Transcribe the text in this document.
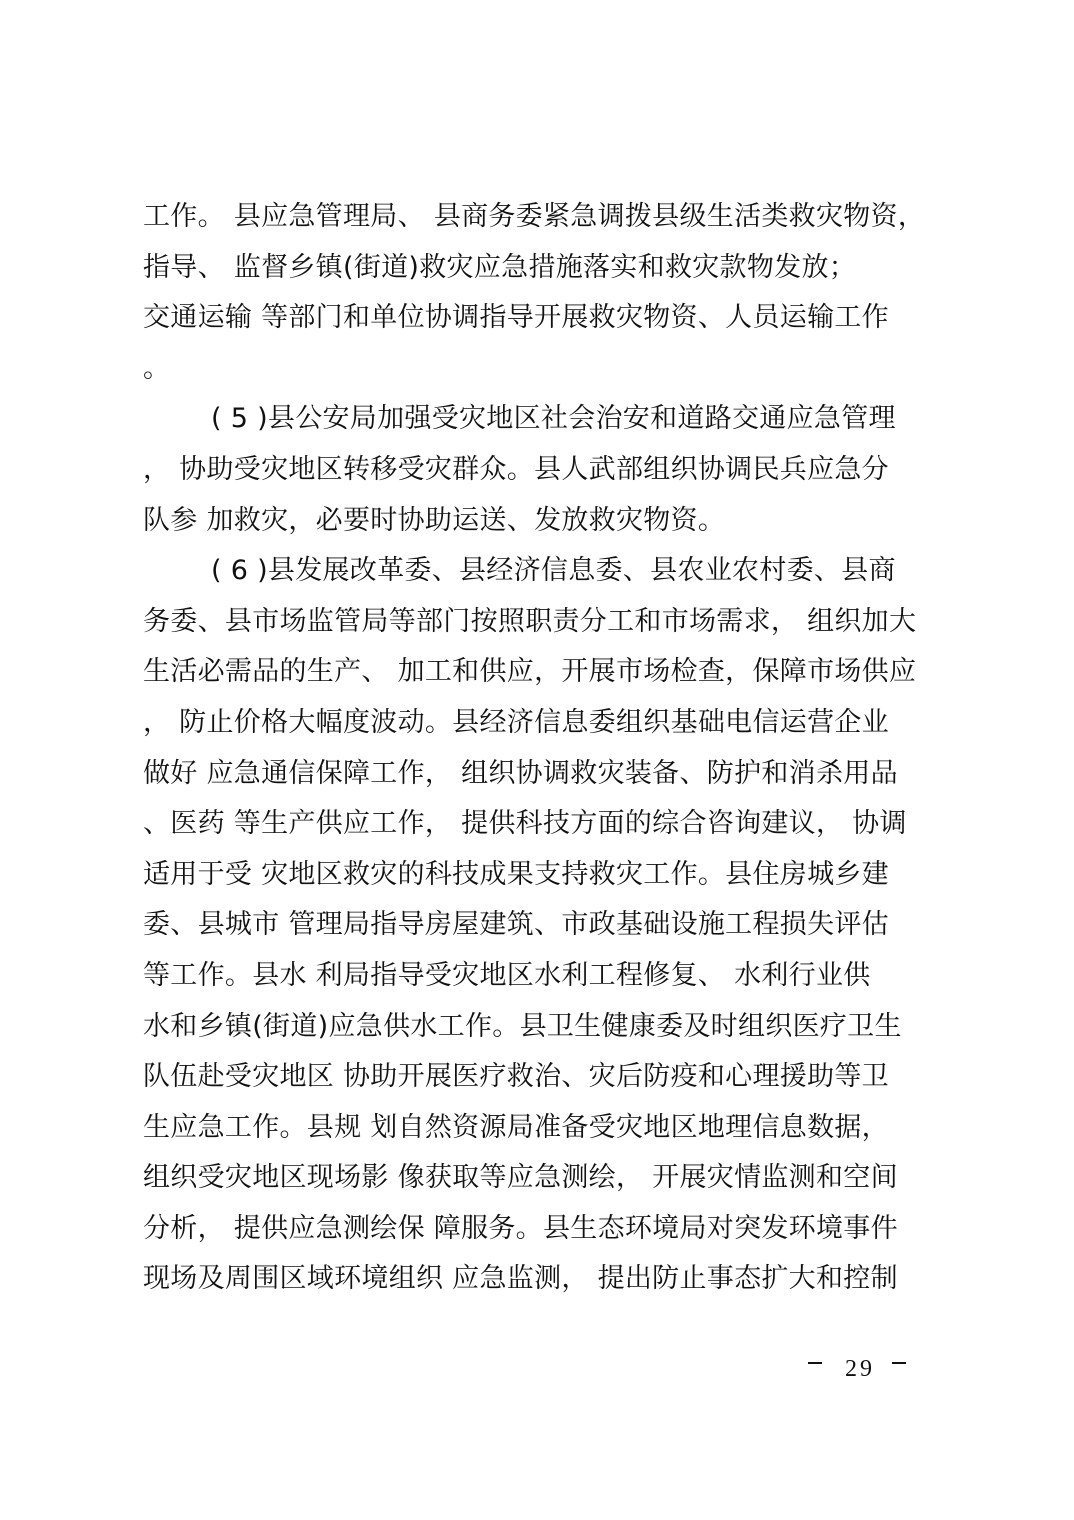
工作。 县应急管理局、 县商务委紧急调拨县级生活类救灾物资，
指导、 监督乡镇(街道)救灾应急措施落实和救灾款物发放；
交通运输 等部门和单位协调指导开展救灾物资、人员运输工作
。
( 5 )县公安局加强受灾地区社会治安和道路交通应急管理
， 协助受灾地区转移受灾群众。县人武部组织协调民兵应急分
队参 加救灾，必要时协助运送、发放救灾物资。
( 6 )县发展改革委、县经济信息委、县农业农村委、县商
务委、县市场监管局等部门按照职责分工和市场需求， 组织加大
生活必需品的生产、 加工和供应，开展市场检查，保障市场供应
， 防止价格大幅度波动。县经济信息委组织基础电信运营企业
做好 应急通信保障工作， 组织协调救灾装备、防护和消杀用品
、医药 等生产供应工作， 提供科技方面的综合咨询建议， 协调
适用于受 灾地区救灾的科技成果支持救灾工作。县住房城乡建
委、县城市 管理局指导房屋建筑、市政基础设施工程损失评估
等工作。县水 利局指导受灾地区水利工程修复、 水利行业供
水和乡镇(街道)应急供水工作。县卫生健康委及时组织医疗卫生
队伍赴受灾地区 协助开展医疗救治、灾后防疫和心理援助等卫
生应急工作。县规 划自然资源局准备受灾地区地理信息数据，
组织受灾地区现场影 像获取等应急测绘， 开展灾情监测和空间
分析， 提供应急测绘保 障服务。县生态环境局对突发环境事件
现场及周围区域环境组织 应急监测， 提出防止事态扩大和控制
29
